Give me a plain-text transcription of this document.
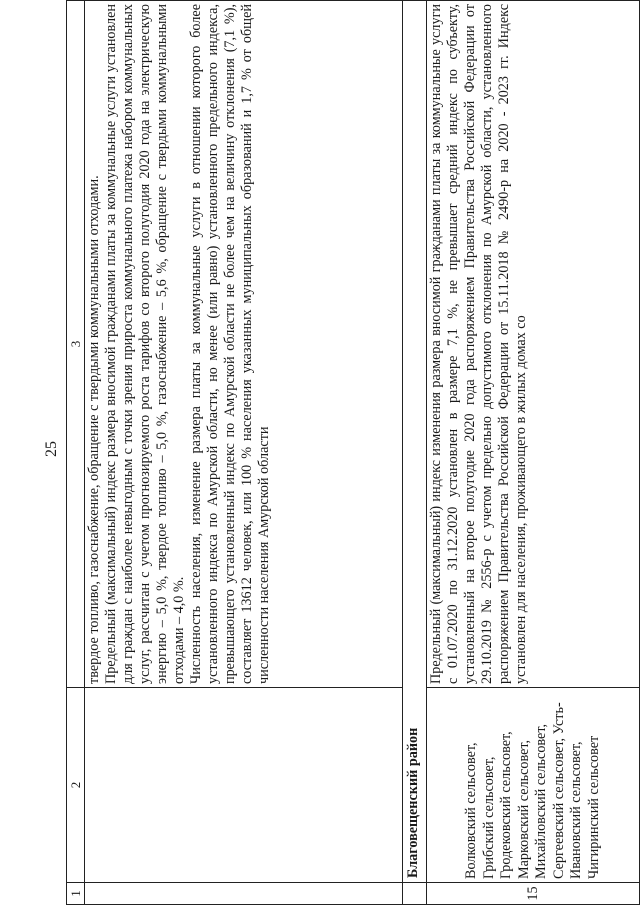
25
1	2	3

		твердое топливо, газоснабжение, обращение с твердыми коммунальными отходами. Предельный (максимальный) индекс размера вносимой гражданами платы за коммунальные услуги установлен для граждан с наиболее невыгодным с точки зрения прироста коммунального платежа набором коммунальных услуг, рассчитан с учетом прогнозируемого роста тарифов со второго полугодия 2020 года на электрическую энергию – 5,0 %, твердое топливо – 5,0 %, газоснабжение – 5,6 %, обращение с твердыми коммунальными отходами – 4,0 %. Численность населения, изменение размера платы за коммунальные услуги в отношении которого более установленного индекса по Амурской области, но менее (или равно) установленного предельного индекса, превышающего установленный индекс по Амурской области не более чем на величину отклонения (7,1 %), составляет 13612 человек, или 100 % населения указанных муниципальных образований и 1,7 % от общей численности населения Амурской области

	Благовещенский район	
15	Волковский сельсовет, Грибский сельсовет, Гродековский сельсовет, Марковский сельсовет, Михайловский сельсовет, Сергеевский сельсовет, Усть-Ивановский сельсовет, Чигиринский сельсовет	Предельный (максимальный) индекс изменения размера вносимой гражданами платы за коммунальные услуги с 01.07.2020 по 31.12.2020 установлен в размере 7,1 %, не превышает средний индекс по субъекту, установленный на второе полугодие 2020 года распоряжением Правительства Российской Федерации от 29.10.2019 № 2556-р с учетом предельно допустимого отклонения по Амурской области, установленного распоряжением Правительства Российской Федерации от 15.11.2018 № 2490-р на 2020 - 2023 гг. Индекс установлен для населения, проживающего в жилых домах со
